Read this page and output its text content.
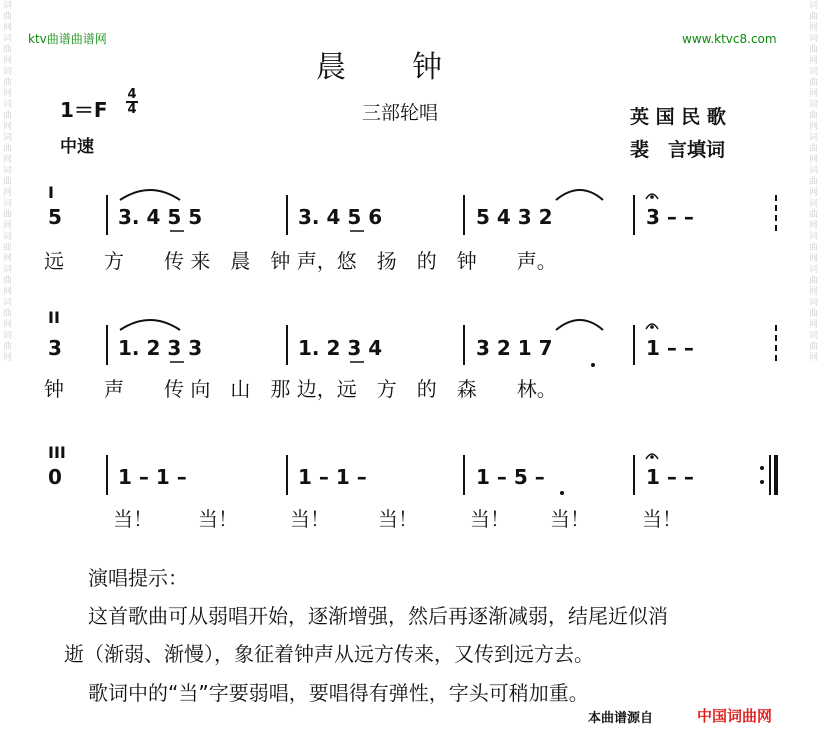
词曲网词曲网词曲网词曲网词曲网词曲网词曲网词曲网词曲网词曲网词曲网	词曲网词曲网词曲网词曲网词曲网词曲网词曲网词曲网词曲网词曲网词曲网
ktv曲谱曲谱网	www.ktvc8.com
晨　　钟
1＝F
4
4
中速
三部轮唱	英 国 民 歌
裴　言填词
I
5	3. 4 5 5	3. 4 5 6	5 4 3 2	3 – –
远　　方　　传 来　晨　钟 声，悠　扬　的　钟　　声。
II
3	1. 2 3 3	1. 2 3 4	3 2 1 7	1 – –
钟　　声　　传 向　山　那 边，远　方　的　森　　林。
III
0	1 – 1 –	1 – 1 –	1 – 5 –	1 – –
当！ 当！	当！ 当！	当！ 当！	当！
演唱提示：
这首歌曲可从弱唱开始，逐渐增强，然后再逐渐减弱，结尾近似消
逝（渐弱、渐慢），象征着钟声从远方传来，又传到远方去。
歌词中的“当”字要弱唱，要唱得有弹性，字头可稍加重。
本曲谱源自	中国词曲网
